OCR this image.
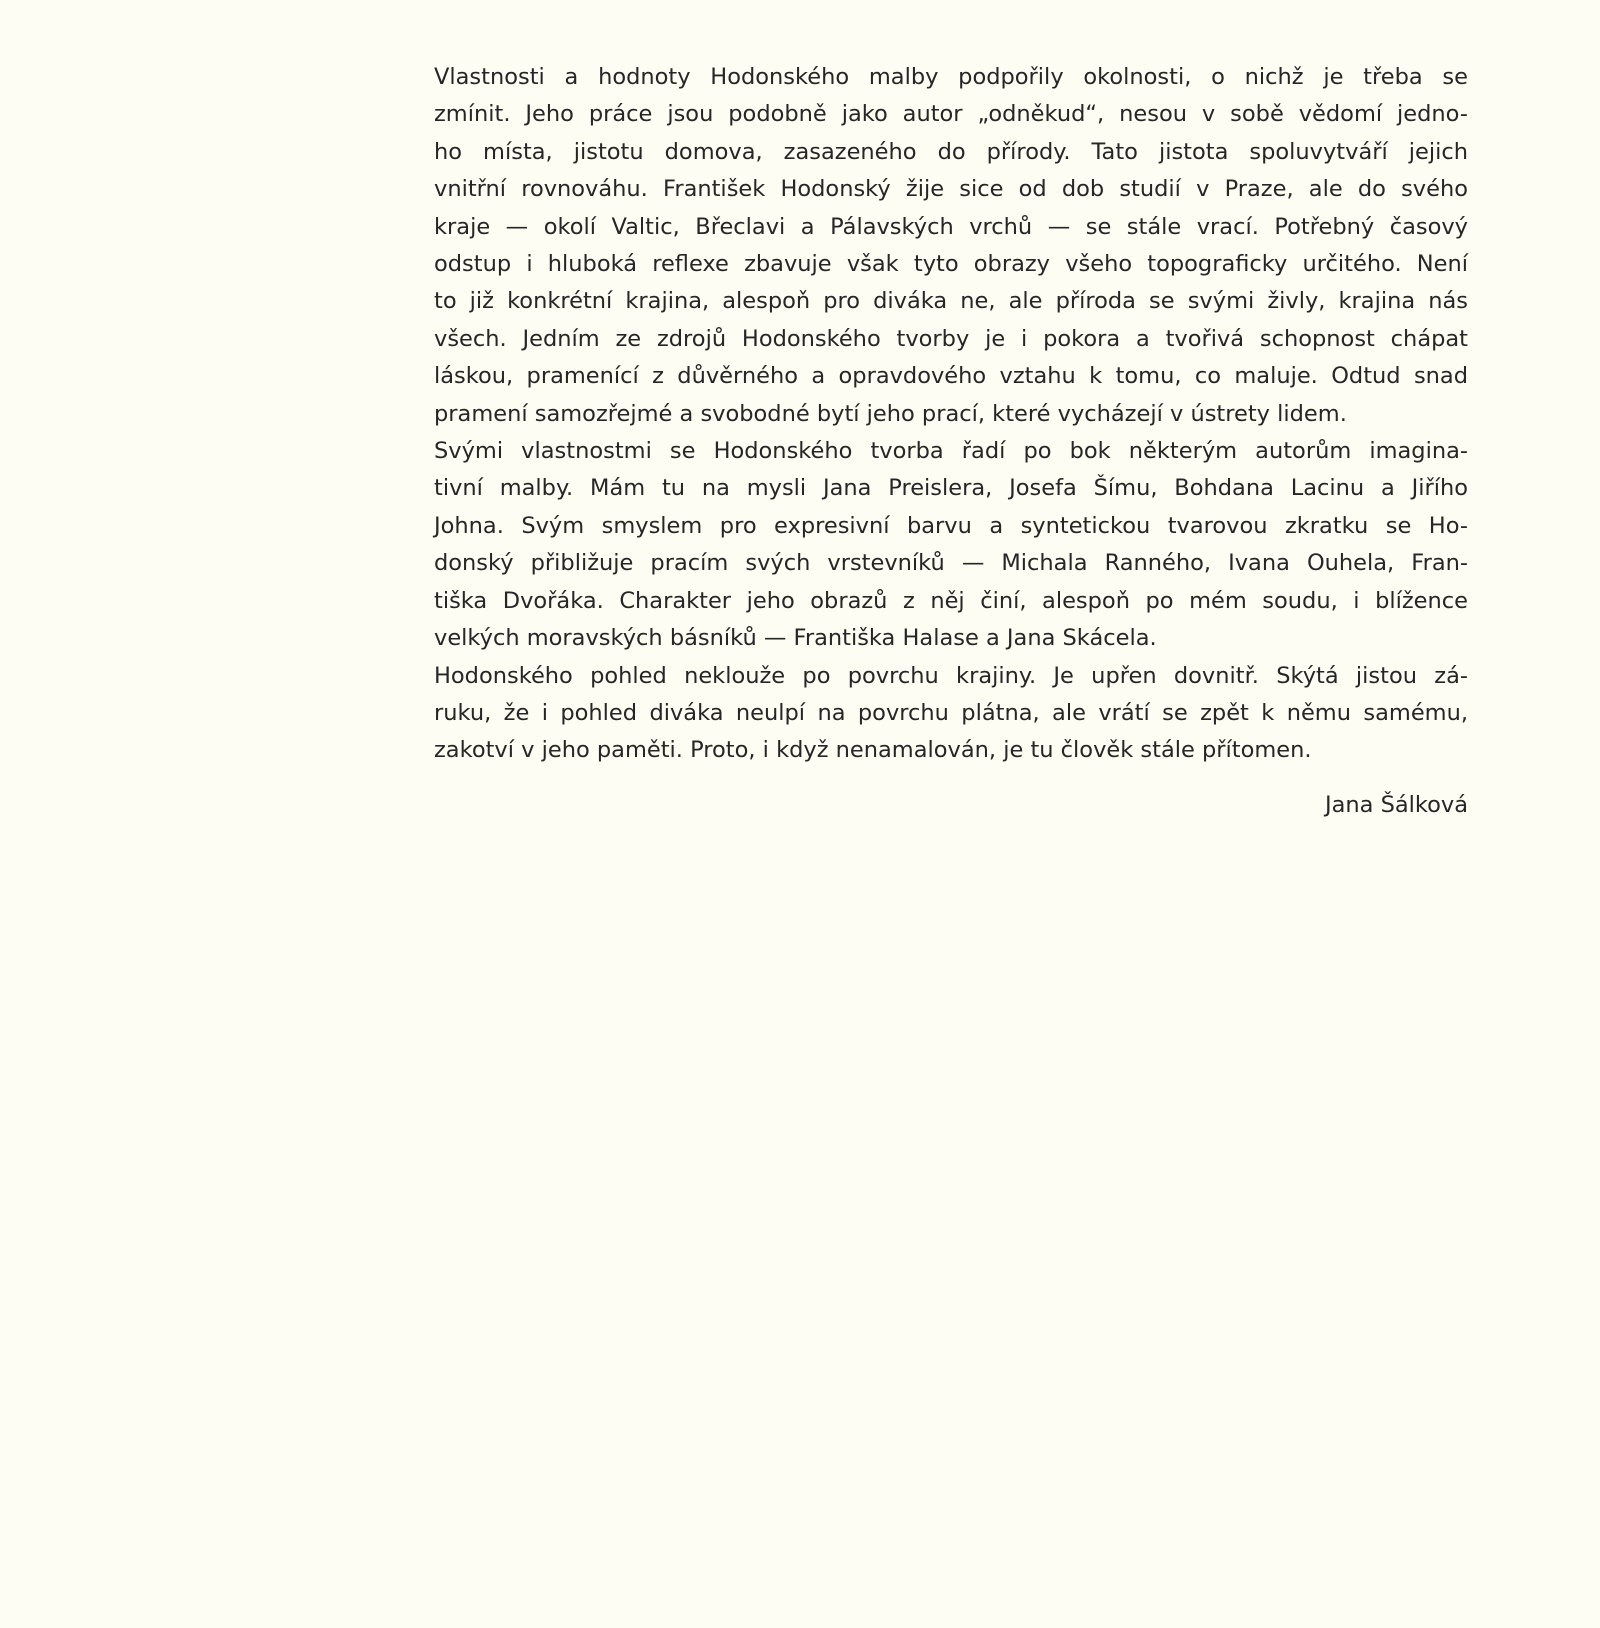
Vlastnosti a hodnoty Hodonského malby podpořily okolnosti, o nichž je třeba se
zmínit. Jeho práce jsou podobně jako autor „odněkud“, nesou v sobě vědomí jedno-
ho místa, jistotu domova, zasazeného do přírody. Tato jistota spoluvytváří jejich
vnitřní rovnováhu. František Hodonský žije sice od dob studií v Praze, ale do svého
kraje — okolí Valtic, Břeclavi a Pálavských vrchů — se stále vrací. Potřebný časový
odstup i hluboká reflexe zbavuje však tyto obrazy všeho topograficky určitého. Není
to již konkrétní krajina, alespoň pro diváka ne, ale příroda se svými živly, krajina nás
všech. Jedním ze zdrojů Hodonského tvorby je i pokora a tvořivá schopnost chápat
láskou, pramenící z důvěrného a opravdového vztahu k tomu, co maluje. Odtud snad
pramení samozřejmé a svobodné bytí jeho prací, které vycházejí v ústrety lidem.
Svými vlastnostmi se Hodonského tvorba řadí po bok některým autorům imagina-
tivní malby. Mám tu na mysli Jana Preislera, Josefa Šímu, Bohdana Lacinu a Jiřího
Johna. Svým smyslem pro expresivní barvu a syntetickou tvarovou zkratku se Ho-
donský přibližuje pracím svých vrstevníků — Michala Ranného, Ivana Ouhela, Fran-
tiška Dvořáka. Charakter jeho obrazů z něj činí, alespoň po mém soudu, i blížence
velkých moravských básníků — Františka Halase a Jana Skácela.
Hodonského pohled neklouže po povrchu krajiny. Je upřen dovnitř. Skýtá jistou zá-
ruku, že i pohled diváka neulpí na povrchu plátna, ale vrátí se zpět k němu samému,
zakotví v jeho paměti. Proto, i když nenamalován, je tu člověk stále přítomen.
Jana Šálková
